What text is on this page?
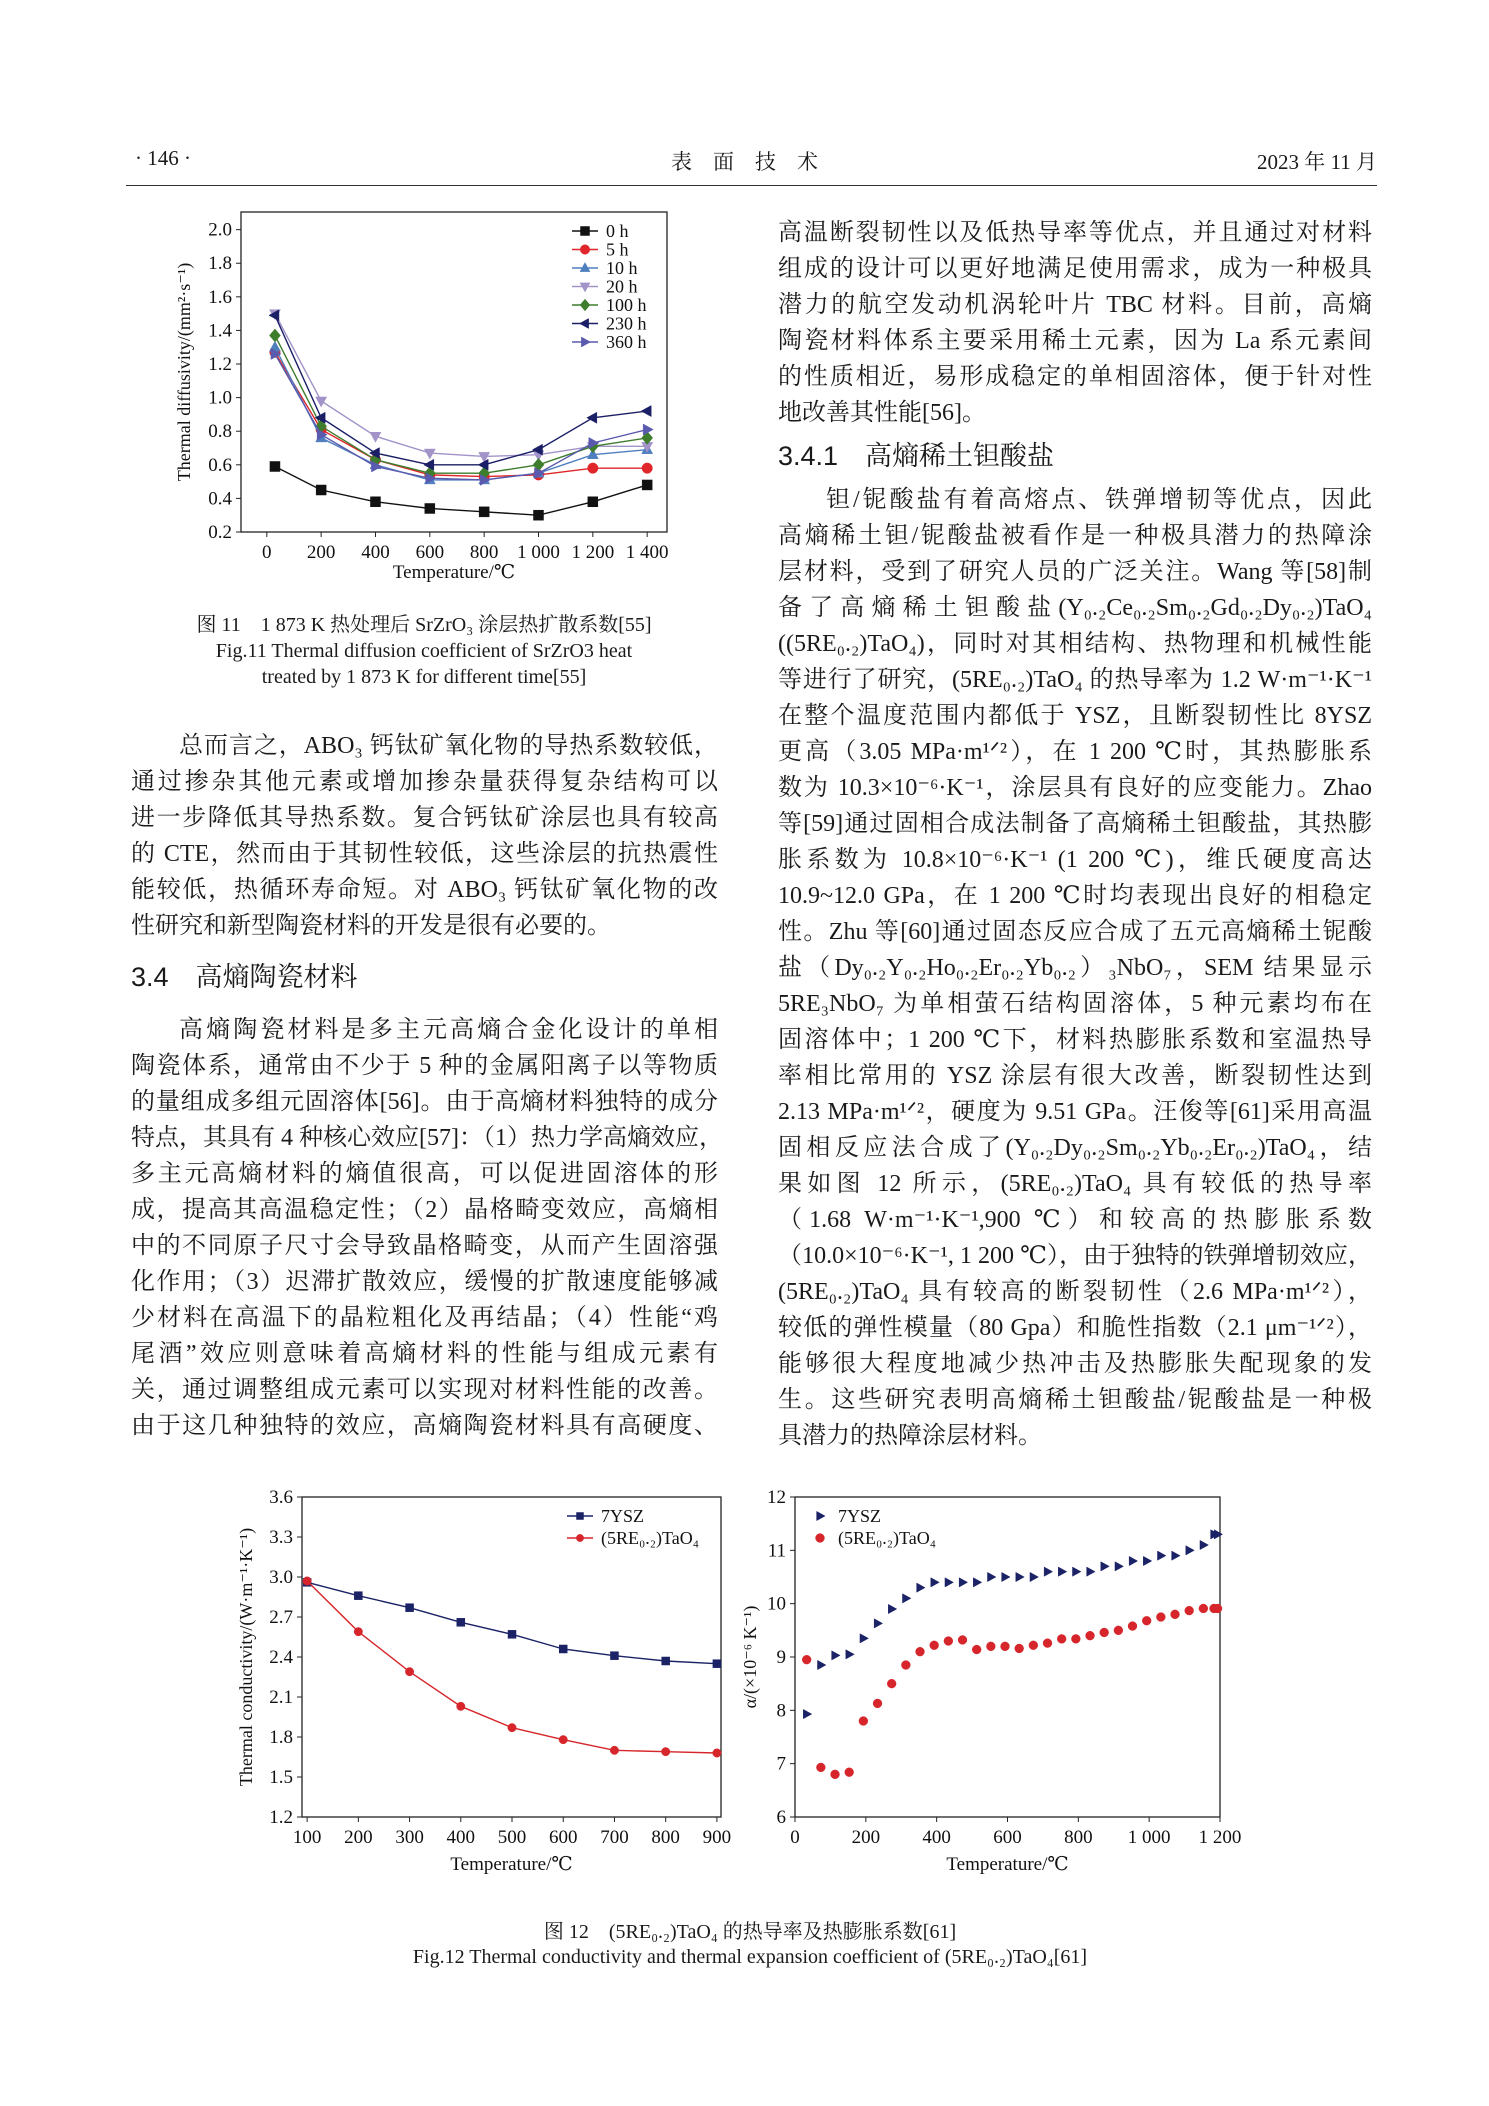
· 146 ·	表　面　技　术	2023 年 11 月
0 200 400 600 800 1 000 1 200 1 400
0.2
0.4
0.6
0.8
1.0
1.2
1.4
1.6
1.8
2.0
Temperature/℃
Thermal diffusivity/(mm²·s⁻¹)
0 h
5 h
10 h
20 h
100 h
230 h
360 h
100 200 300 400 500 600 700 800 900
1.2
1.5
1.8
2.1
2.4
2.7
3.0
3.3
3.6
Temperature/℃
Thermal conductivity/(W·m⁻¹·K⁻¹)
7YSZ
(5RE₀.₂)TaO₄
0	200 400 600 800 1 000 1 200
6
7
8
9
10
11
12
Temperature/℃
α/(×10⁻⁶ K⁻¹)
7YSZ
(5RE₀.₂)TaO₄
图 11　1 873 K 热处理后 SrZrO₃ 涂层热扩散系数[55]
Fig.11 Thermal diffusion coefficient of SrZrO3 heat
treated by 1 873 K for different time[55]
图 12　(5RE₀.₂)TaO₄ 的热导率及热膨胀系数[61]
Fig.12 Thermal conductivity and thermal expansion coefficient of (5RE₀.₂)TaO₄[61]
总而言之，ABO₃ 钙钛矿氧化物的导热系数较低，
通过掺杂其他元素或增加掺杂量获得复杂结构可以
进一步降低其导热系数。复合钙钛矿涂层也具有较高
的 CTE，然而由于其韧性较低，这些涂层的抗热震性
能较低，热循环寿命短。对 ABO₃ 钙钛矿氧化物的改
性研究和新型陶瓷材料的开发是很有必要的。
3.4　高熵陶瓷材料
高熵陶瓷材料是多主元高熵合金化设计的单相
陶瓷体系，通常由不少于 5 种的金属阳离子以等物质
的量组成多组元固溶体[56]。由于高熵材料独特的成分
特点，其具有 4 种核心效应[57]：（1）热力学高熵效应，
多主元高熵材料的熵值很高，可以促进固溶体的形
成，提高其高温稳定性；（2）晶格畸变效应，高熵相
中的不同原子尺寸会导致晶格畸变，从而产生固溶强
化作用；（3）迟滞扩散效应，缓慢的扩散速度能够减
少材料在高温下的晶粒粗化及再结晶；（4）性能“鸡
尾酒”效应则意味着高熵材料的性能与组成元素有
关，通过调整组成元素可以实现对材料性能的改善。
由于这几种独特的效应，高熵陶瓷材料具有高硬度、
高温断裂韧性以及低热导率等优点，并且通过对材料
组成的设计可以更好地满足使用需求，成为一种极具
潜力的航空发动机涡轮叶片 TBC 材料。目前，高熵
陶瓷材料体系主要采用稀土元素，因为 La 系元素间
的性质相近，易形成稳定的单相固溶体，便于针对性
地改善其性能[56]。
3.4.1　高熵稀土钽酸盐
钽/铌酸盐有着高熔点、铁弹增韧等优点，因此
高熵稀土钽/铌酸盐被看作是一种极具潜力的热障涂
层材料，受到了研究人员的广泛关注。Wang 等[58]制
备了高熵稀土钽酸盐(Y₀.₂Ce₀.₂Sm₀.₂Gd₀.₂Dy₀.₂)TaO₄
((5RE₀.₂)TaO₄)，同时对其相结构、热物理和机械性能
等进行了研究，(5RE₀.₂)TaO₄ 的热导率为 1.2 W·m⁻¹·K⁻¹
在整个温度范围内都低于 YSZ，且断裂韧性比 8YSZ
更高（3.05 MPa·m¹ᐟ²），在 1 200 ℃时，其热膨胀系
数为 10.3×10⁻⁶·K⁻¹，涂层具有良好的应变能力。Zhao
等[59]通过固相合成法制备了高熵稀土钽酸盐，其热膨
胀系数为 10.8×10⁻⁶·K⁻¹ (1 200 ℃)，维氏硬度高达
10.9~12.0 GPa，在 1 200 ℃时均表现出良好的相稳定
性。Zhu 等[60]通过固态反应合成了五元高熵稀土铌酸
盐（Dy₀.₂Y₀.₂Ho₀.₂Er₀.₂Yb₀.₂）₃NbO₇，SEM 结果显示
5RE₃NbO₇ 为单相萤石结构固溶体，5 种元素均布在
固溶体中；1 200 ℃下，材料热膨胀系数和室温热导
率相比常用的 YSZ 涂层有很大改善，断裂韧性达到
2.13 MPa·m¹ᐟ²，硬度为 9.51 GPa。汪俊等[61]采用高温
固相反应法合成了(Y₀.₂Dy₀.₂Sm₀.₂Yb₀.₂Er₀.₂)TaO₄，结
果如图 12 所示，(5RE₀.₂)TaO₄ 具有较低的热导率
（1.68 W·m⁻¹·K⁻¹,900 ℃）和较高的热膨胀系数
（10.0×10⁻⁶·K⁻¹, 1 200 ℃），由于独特的铁弹增韧效应，
(5RE₀.₂)TaO₄ 具有较高的断裂韧性（2.6 MPa·m¹ᐟ²），
较低的弹性模量（80 Gpa）和脆性指数（2.1 μm⁻¹ᐟ²），
能够很大程度地减少热冲击及热膨胀失配现象的发
生。这些研究表明高熵稀土钽酸盐/铌酸盐是一种极
具潜力的热障涂层材料。
